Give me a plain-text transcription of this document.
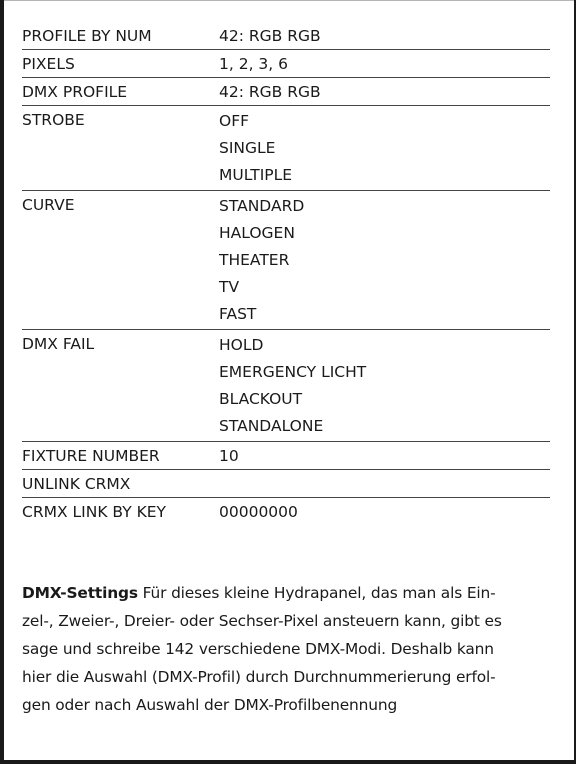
PROFILE BY NUM	42: RGB RGB
PIXELS	1, 2, 3, 6
DMX PROFILE	42: RGB RGB
STROBE	OFF
SINGLE
MULTIPLE
CURVE	STANDARD
HALOGEN
THEATER
TV
FAST
DMX FAIL	HOLD
EMERGENCY LICHT
BLACKOUT
STANDALONE
FIXTURE NUMBER	10
UNLINK CRMX

CRMX LINK BY KEY	00000000
DMX-Settings Für dieses kleine Hydrapanel, das man als Ein-
zel-, Zweier-, Dreier- oder Sechser-Pixel ansteuern kann, gibt es
sage und schreibe 142 verschiedene DMX-Modi. Deshalb kann
hier die Auswahl (DMX-Profil) durch Durchnummerierung erfol-
gen oder nach Auswahl der DMX-Profilbenennung
